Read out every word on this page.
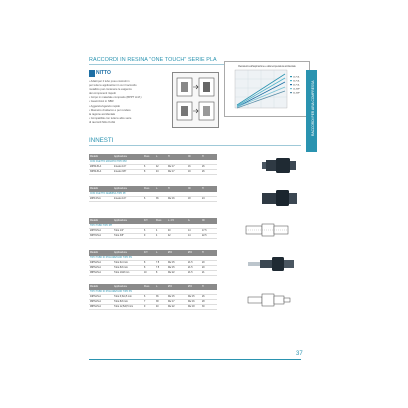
RACCORDI IN RESINA "ONE TOUCH" SERIE PLA
NITTO
• Adatti per il tubo pneu costruiti in
per tutte le applicazioni in cui il raccordo
metallico può contenere le esigenze
dei componenti rispetti
• Corpo in materiale composito (BPPT H.M.)
• Guarnizioni in NBR
• Aggancio/sgancio rapido
• Diametro di attacco e per rendere
la ragione accidentale
• Compatibile con tutte le altre serie
di raccordi Nitto Kohki
Resistenza all'aspirazione e alla temperatura ambientale
20-PLA
30-PLA
40-PLA
20-SMP
30-SMP	RACCORDI PER ARIA COMPRESSA
INNESTI
Modello	Applicazione	Peso	L.	H	Ch	H
CON FILETTO MASCHIO TIPO PM						
20PM-PLA	Innesto 1/4"	6	42	Rw 17	16	26
30PM-PLA	Innesto 3/8"	8	43	Rw 17	19	26
Modello	Applicazione	Peso	L.	H	Ch	H
CON FILETTO FEMMINA TIPO PF						
20PF-PLA	Innesto 1/4"	6	36	Rw 16	18	24
Modello	Applicazione	D.T.	Peso	L. 4.5	A.	Ch
TIPO TUBO TIPO PH						
20PH-PLA	Tubo 1/4"	6	4	40	14	17.5
30PH-PLA	Tubo 3/8"	9	4	42	14	22.5
Modello	Applicazione	D.T.	L.	Ø D	Ø D	H
TIPO TUBO IN POLIURETANO TIPO PN						
04PN-PLA	Tubo 6x4 mm	8	7.5	Rw 15	21.5	20
06PN-PLA	Tubo 8x6 mm	8	7.5	Rw 15	21.5	20
08PN-PLA	Tubo 10x8 mm	10	8	Rw 22	21.5	21
Modello	Applicazione	Peso	L.	Ø D	Ø D	H
TIPO TUBO IN POLIURETANO TIPO PN						
04PN-PLA	Tubo 6,5x4,5 mm	6	36	Rw 15	Rw 15	26
06PN-PLA	Tubo 8x6 mm	7	38	Rw 17	Rw 16	28
08PN-PLA	Tubo 12,5x8,5 mm	9	40	Rw 22	Rw 18	30
37
